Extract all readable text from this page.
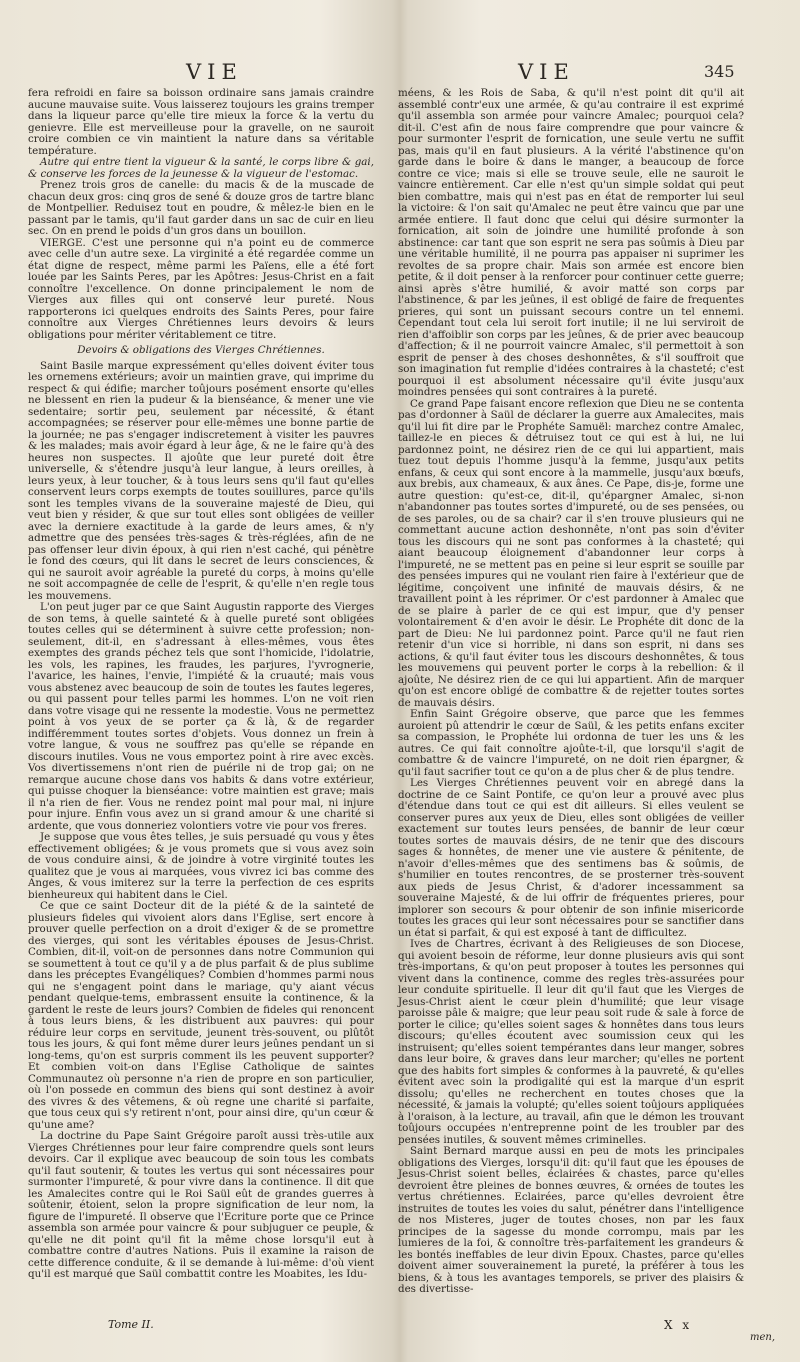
VIE	VIE	345

fera refroidi en faire sa boisson ordinaire sans jamais craindre aucune mauvaise suite. Vous laisserez toujours les grains tremper dans la liqueur parce qu'elle tire mieux la force & la vertu du genievre. Elle est merveilleuse pour la gravelle, on ne sauroit croire combien ce vin maintient la nature dans sa véritable température.

Autre qui entre tient la vigueur & la santé, le corps libre & gai, & conserve les forces de la jeunesse & la vigueur de l'estomac.

Prenez trois gros de canelle: du macis & de la muscade de chacun deux gros: cinq gros de sené & douze gros de tartre blanc de Montpellier. Reduisez tout en poudre, & mêlez-le bien en le passant par le tamis, qu'il faut garder dans un sac de cuir en lieu sec. On en prend le poids d'un gros dans un bouillon.

VIERGE. C'est une personne qui n'a point eu de commerce avec celle d'un autre sexe. La virginité a été regardée comme un état digne de respect, même parmi les Païens, elle a été fort louée par les Saints Peres, par les Apôtres: Jesus-Christ en a fait connoître l'excellence. On donne principalement le nom de Vierges aux filles qui ont conservé leur pureté. Nous rapporterons ici quelques endroits des Saints Peres, pour faire connoître aux Vierges Chrétiennes leurs devoirs & leurs obligations pour mériter véritablement ce titre.

Devoirs & obligations des Vierges Chrétiennes.

Saint Basile marque expressément qu'elles doivent éviter tous les ornemens extérieurs; avoir un maintien grave, qui imprime du respect & qui édifie; marcher toûjours posément ensorte qu'elles ne blessent en rien la pudeur & la bienséance, & mener une vie sedentaire; sortir peu, seulement par nécessité, & étant accompagnées; se réserver pour elle-mêmes une bonne partie de la journée; ne pas s'engager indiscretement à visiter les pauvres & les malades; mais avoir égard à leur âge, & ne le faire qu'à des heures non suspectes. Il ajoûte que leur pureté doit être universelle, & s'étendre jusqu'à leur langue, à leurs oreilles, à leurs yeux, à leur toucher, & à tous leurs sens qu'il faut qu'elles conservent leurs corps exempts de toutes souillures, parce qu'ils sont les temples vivans de la souveraine majesté de Dieu, qui veut bien y résider, & que sur tout elles sont obligées de veiller avec la derniere exactitude à la garde de leurs ames, & n'y admettre que des pensées très-sages & très-réglées, afin de ne pas offenser leur divin époux, à qui rien n'est caché, qui pénètre le fond des cœurs, qui lit dans le secret de leurs consciences, & qui ne sauroit avoir agréable la pureté du corps, à moins qu'elle ne soit accompagnée de celle de l'esprit, & qu'elle n'en regle tous les mouvemens.

L'on peut juger par ce que Saint Augustin rapporte des Vierges de son tems, à quelle sainteté & à quelle pureté sont obligées toutes celles qui se déterminent à suivre cette profession; non-seulement, dit-il, en s'adressant à elles-mêmes, vous êtes exemptes des grands péchez tels que sont l'homicide, l'idolatrie, les vols, les rapines, les fraudes, les parjures, l'yvrognerie, l'avarice, les haines, l'envie, l'impiété & la cruauté; mais vous vous abstenez avec beaucoup de soin de toutes les fautes legeres, ou qui passent pour telles parmi les hommes. L'on ne voit rien dans votre visage qui ne ressente la modestie. Vous ne permettez point à vos yeux de se porter ça & là, & de regarder indifféremment toutes sortes d'objets. Vous donnez un frein à votre langue, & vous ne souffrez pas qu'elle se répande en discours inutiles. Vous ne vous emportez point à rire avec excès. Vos divertissemens n'ont rien de puérile ni de trop gai; on ne remarque aucune chose dans vos habits & dans votre extérieur, qui puisse choquer la bienséance: votre maintien est grave; mais il n'a rien de fier. Vous ne rendez point mal pour mal, ni injure pour injure. Enfin vous avez un si grand amour & une charité si ardente, que vous donneriez volontiers votre vie pour vos freres.

Je suppose que vous êtes telles, je suis persuadé qu vous y êtes effectivement obligées; & je vous promets que si vous avez soin de vous conduire ainsi, & de joindre à votre virginité toutes les qualitez que je vous ai marquées, vous vivrez ici bas comme des Anges, & vous imiterez sur la terre la perfection de ces esprits bienheureux qui habitent dans le Ciel.

Ce que ce saint Docteur dit de la piété & de la sainteté de plusieurs fideles qui vivoient alors dans l'Eglise, sert encore à prouver quelle perfection on a droit d'exiger & de se promettre des vierges, qui sont les véritables épouses de Jesus-Christ. Combien, dit-il, voit-on de personnes dans notre Communion qui se soumettent à tout ce qu'il y a de plus parfait & de plus sublime dans les préceptes Evangéliques? Combien d'hommes parmi nous qui ne s'engagent point dans le mariage, qu'y aiant vécus pendant quelque-tems, embrassent ensuite la continence, & la gardent le reste de leurs jours? Combien de fideles qui renoncent à tous leurs biens, & les distribuent aux pauvres: qui pour réduire leur corps en servitude, jeunent très-souvent, ou plûtôt tous les jours, & qui font même durer leurs jeûnes pendant un si long-tems, qu'on est surpris comment ils les peuvent supporter? Et combien voit-on dans l'Eglise Catholique de saintes Communautez où personne n'a rien de propre en son particulier, où l'on possede en commun des biens qui sont destinez à avoir des vivres & des vêtemens, & où regne une charité si parfaite, que tous ceux qui s'y retirent n'ont, pour ainsi dire, qu'un cœur & qu'une ame?

La doctrine du Pape Saint Grégoire paroît aussi très-utile aux Vierges Chrétiennes pour leur faire comprendre quels sont leurs devoirs. Car il explique avec beaucoup de soin tous les combats qu'il faut soutenir, & toutes les vertus qui sont nécessaires pour surmonter l'impureté, & pour vivre dans la continence. Il dit que les Amalecites contre qui le Roi Saül eût de grandes guerres à soûtenir, étoient, selon la propre signification de leur nom, la figure de l'impureté. Il observe que l'Ecriture porte que ce Prince assembla son armée pour vaincre & pour subjuguer ce peuple, & qu'elle ne dit point qu'il fit la même chose lorsqu'il eut à combattre contre d'autres Nations. Puis il examine la raison de cette difference conduite, & il se demande à lui-même: d'où vient qu'il est marqué que Saül combattit contre les Moabites, les Idu-

méens, & les Rois de Saba, & qu'il n'est point dit qu'il ait assemblé contr'eux une armée, & qu'au contraire il est exprimé qu'il assembla son armée pour vaincre Amalec; pourquoi cela? dit-il. C'est afin de nous faire comprendre que pour vaincre & pour surmonter l'esprit de fornication, une seule vertu ne suffit pas, mais qu'il en faut plusieurs. A la vérité l'abstinence qu'on garde dans le boire & dans le manger, a beaucoup de force contre ce vice; mais si elle se trouve seule, elle ne sauroit le vaincre entièrement. Car elle n'est qu'un simple soldat qui peut bien combattre, mais qui n'est pas en état de remporter lui seul la victoire: & l'on sait qu'Amalec ne peut être vaincu que par une armée entiere. Il faut donc que celui qui désire surmonter la fornication, ait soin de joindre une humilité profonde à son abstinence: car tant que son esprit ne sera pas soûmis à Dieu par une véritable humilité, il ne pourra pas appaiser ni suprimer les revoltes de sa propre chair. Mais son armée est encore bien petite, & il doit penser à la renforcer pour continuer cette guerre; ainsi après s'être humilié, & avoir matté son corps par l'abstinence, & par les jeûnes, il est obligé de faire de frequentes prieres, qui sont un puissant secours contre un tel ennemi. Cependant tout cela lui seroit fort inutile; il ne lui serviroit de rien d'affoiblir son corps par les jeûnes, & de prier avec beaucoup d'affection; & il ne pourroit vaincre Amalec, s'il permettoit à son esprit de penser à des choses deshonnêtes, & s'il souffroit que son imagination fut remplie d'idées contraires à la chasteté; c'est pourquoi il est absolument nécessaire qu'il évite jusqu'aux moindres pensées qui sont contraires à la pureté.

Ce grand Pape faisant encore reflexion que Dieu ne se contenta pas d'ordonner à Saül de déclarer la guerre aux Amalecites, mais qu'il lui fit dire par le Prophéte Samuël: marchez contre Amalec, taillez-le en pieces & détruisez tout ce qui est à lui, ne lui pardonnez point, ne désirez rien de ce qui lui appartient, mais tuez tout depuis l'homme jusqu'à la femme, jusqu'aux petits enfans, & ceux qui sont encore à la mammelle, jusqu'aux bœufs, aux brebis, aux chameaux, & aux ânes. Ce Pape, dis-je, forme une autre question: qu'est-ce, dit-il, qu'épargner Amalec, si-non n'abandonner pas toutes sortes d'impureté, ou de ses pensées, ou de ses paroles, ou de sa chair? car il s'en trouve plusieurs qui ne commettant aucune action deshonnête, n'ont pas soin d'éviter tous les discours qui ne sont pas conformes à la chasteté; qui aiant beaucoup éloignement d'abandonner leur corps à l'impureté, ne se mettent pas en peine si leur esprit se souille par des pensées impures qui ne voulant rien faire à l'extérieur que de légitime, conçoivent une infinité de mauvais désirs, & ne travaillent point à les réprimer. Or c'est pardonner à Amalec que de se plaire à parler de ce qui est impur, que d'y penser volontairement & d'en avoir le désir. Le Prophéte dit donc de la part de Dieu: Ne lui pardonnez point. Parce qu'il ne faut rien retenir d'un vice si horrible, ni dans son esprit, ni dans ses actions, & qu'il faut éviter tous les discours deshonnêtes, & tous les mouvemens qui peuvent porter le corps à la rebellion: & il ajoûte, Ne désirez rien de ce qui lui appartient. Afin de marquer qu'on est encore obligé de combattre & de rejetter toutes sortes de mauvais désirs.

Enfin Saint Grégoire observe, que parce que les femmes auroient pû attendrir le cœur de Saül, & les petits enfans exciter sa compassion, le Prophéte lui ordonna de tuer les uns & les autres. Ce qui fait connoître ajoûte-t-il, que lorsqu'il s'agit de combattre & de vaincre l'impureté, on ne doit rien épargner, & qu'il faut sacrifier tout ce qu'on a de plus cher & de plus tendre.

Les Vierges Chrétiennes peuvent voir en abregé dans la doctrine de ce Saint Pontife, ce qu'on leur a prouvé avec plus d'étendue dans tout ce qui est dit ailleurs. Si elles veulent se conserver pures aux yeux de Dieu, elles sont obligées de veiller exactement sur toutes leurs pensées, de bannir de leur cœur toutes sortes de mauvais désirs, de ne tenir que des discours sages & honnêtes, de mener une vie austere & pénitente, de n'avoir d'elles-mêmes que des sentimens bas & soûmis, de s'humilier en toutes rencontres, de se prosterner très-souvent aux pieds de Jesus Christ, & d'adorer incessamment sa souveraine Majesté, & de lui offrir de fréquentes prieres, pour implorer son secours & pour obtenir de son infinie misericorde toutes les graces qui leur sont nécessaires pour se sanctifier dans un état si parfait, & qui est exposé à tant de difficultez.

Ives de Chartres, écrivant à des Religieuses de son Diocese, qui avoient besoin de réforme, leur donne plusieurs avis qui sont très-importans, & qu'on peut proposer à toutes les personnes qui vivent dans la continence, comme des regles très-assurées pour leur conduite spirituelle. Il leur dit qu'il faut que les Vierges de Jesus-Christ aient le cœur plein d'humilité; que leur visage paroisse pâle & maigre; que leur peau soit rude & sale à force de porter le cilice; qu'elles soient sages & honnêtes dans tous leurs discours; qu'elles écoutent avec soumission ceux qui les instruisent; qu'elles soient tempérantes dans leur manger, sobres dans leur boire, & graves dans leur marcher; qu'elles ne portent que des habits fort simples & conformes à la pauvreté, & qu'elles évitent avec soin la prodigalité qui est la marque d'un esprit dissolu; qu'elles ne recherchent en toutes choses que la nécessité, & jamais la volupté; qu'elles soient toûjours appliquées à l'oraison, à la lecture, au travail, afin que le démon les trouvant toûjours occupées n'entreprenne point de les troubler par des pensées inutiles, & souvent mêmes criminelles.

Saint Bernard marque aussi en peu de mots les principales obligations des Vierges, lorsqu'il dit: qu'il faut que les épouses de Jesus-Christ soient belles, éclairées & chastes, parce qu'elles devroient être pleines de bonnes œuvres, & ornées de toutes les vertus chrétiennes. Eclairées, parce qu'elles devroient être instruites de toutes les voies du salut, pénétrer dans l'intelligence de nos Misteres, juger de toutes choses, non par les faux principes de la sagesse du monde corrompu, mais par les lumieres de la foi, & connoître très-parfaitement les grandeurs & les bontés ineffables de leur divin Epoux. Chastes, parce qu'elles doivent aimer souverainement la pureté, la préférer à tous les biens, & à tous les avantages temporels, se priver des plaisirs & des divertisse-

Tome II.	X x
men,
